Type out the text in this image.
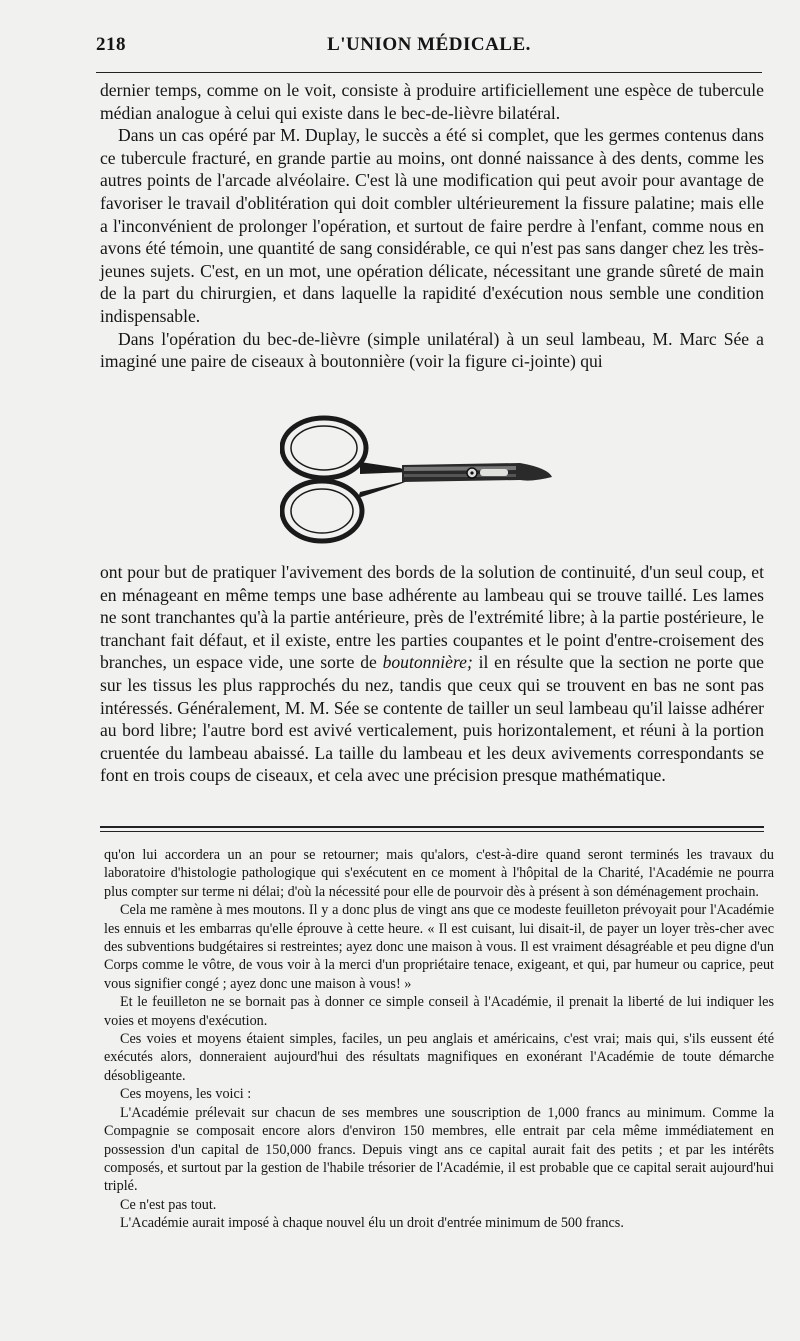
218	L'UNION MÉDICALE.

dernier temps, comme on le voit, consiste à produire artificiellement une espèce de tubercule médian analogue à celui qui existe dans le bec-de-lièvre bilatéral.

Dans un cas opéré par M. Duplay, le succès a été si complet, que les germes contenus dans ce tubercule fracturé, en grande partie au moins, ont donné naissance à des dents, comme les autres points de l'arcade alvéolaire. C'est là une modification qui peut avoir pour avantage de favoriser le travail d'oblitération qui doit combler ultérieurement la fissure palatine; mais elle a l'inconvénient de prolonger l'opération, et surtout de faire perdre à l'enfant, comme nous en avons été témoin, une quantité de sang considérable, ce qui n'est pas sans danger chez les très-jeunes sujets. C'est, en un mot, une opération délicate, nécessitant une grande sûreté de main de la part du chirurgien, et dans laquelle la rapidité d'exécution nous semble une condition indispensable.

Dans l'opération du bec-de-lièvre (simple unilatéral) à un seul lambeau, M. Marc Sée a imaginé une paire de ciseaux à boutonnière (voir la figure ci-jointe) qui

ont pour but de pratiquer l'avivement des bords de la solution de continuité, d'un seul coup, et en ménageant en même temps une base adhérente au lambeau qui se trouve taillé. Les lames ne sont tranchantes qu'à la partie antérieure, près de l'extrémité libre; à la partie postérieure, le tranchant fait défaut, et il existe, entre les parties coupantes et le point d'entre-croisement des branches, un espace vide, une sorte de boutonnière; il en résulte que la section ne porte que sur les tissus les plus rapprochés du nez, tandis que ceux qui se trouvent en bas ne sont pas intéressés. Généralement, M. M. Sée se contente de tailler un seul lambeau qu'il laisse adhérer au bord libre; l'autre bord est avivé verticalement, puis horizontalement, et réuni à la portion cruentée du lambeau abaissé. La taille du lambeau et les deux avivements correspondants se font en trois coups de ciseaux, et cela avec une précision presque mathématique.

qu'on lui accordera un an pour se retourner; mais qu'alors, c'est-à-dire quand seront terminés les travaux du laboratoire d'histologie pathologique qui s'exécutent en ce moment à l'hôpital de la Charité, l'Académie ne pourra plus compter sur terme ni délai; d'où la nécessité pour elle de pourvoir dès à présent à son déménagement prochain.

Cela me ramène à mes moutons. Il y a donc plus de vingt ans que ce modeste feuilleton prévoyait pour l'Académie les ennuis et les embarras qu'elle éprouve à cette heure. « Il est cuisant, lui disait-il, de payer un loyer très-cher avec des subventions budgétaires si restreintes; ayez donc une maison à vous. Il est vraiment désagréable et peu digne d'un Corps comme le vôtre, de vous voir à la merci d'un propriétaire tenace, exigeant, et qui, par humeur ou caprice, peut vous signifier congé ; ayez donc une maison à vous! »

Et le feuilleton ne se bornait pas à donner ce simple conseil à l'Académie, il prenait la liberté de lui indiquer les voies et moyens d'exécution.

Ces voies et moyens étaient simples, faciles, un peu anglais et américains, c'est vrai; mais qui, s'ils eussent été exécutés alors, donneraient aujourd'hui des résultats magnifiques en exonérant l'Académie de toute démarche désobligeante.

Ces moyens, les voici :

L'Académie prélevait sur chacun de ses membres une souscription de 1,000 francs au minimum. Comme la Compagnie se composait encore alors d'environ 150 membres, elle entrait par cela même immédiatement en possession d'un capital de 150,000 francs. Depuis vingt ans ce capital aurait fait des petits ; et par les intérêts composés, et surtout par la gestion de l'habile trésorier de l'Académie, il est probable que ce capital serait aujourd'hui triplé.

Ce n'est pas tout.

L'Académie aurait imposé à chaque nouvel élu un droit d'entrée minimum de 500 francs.
